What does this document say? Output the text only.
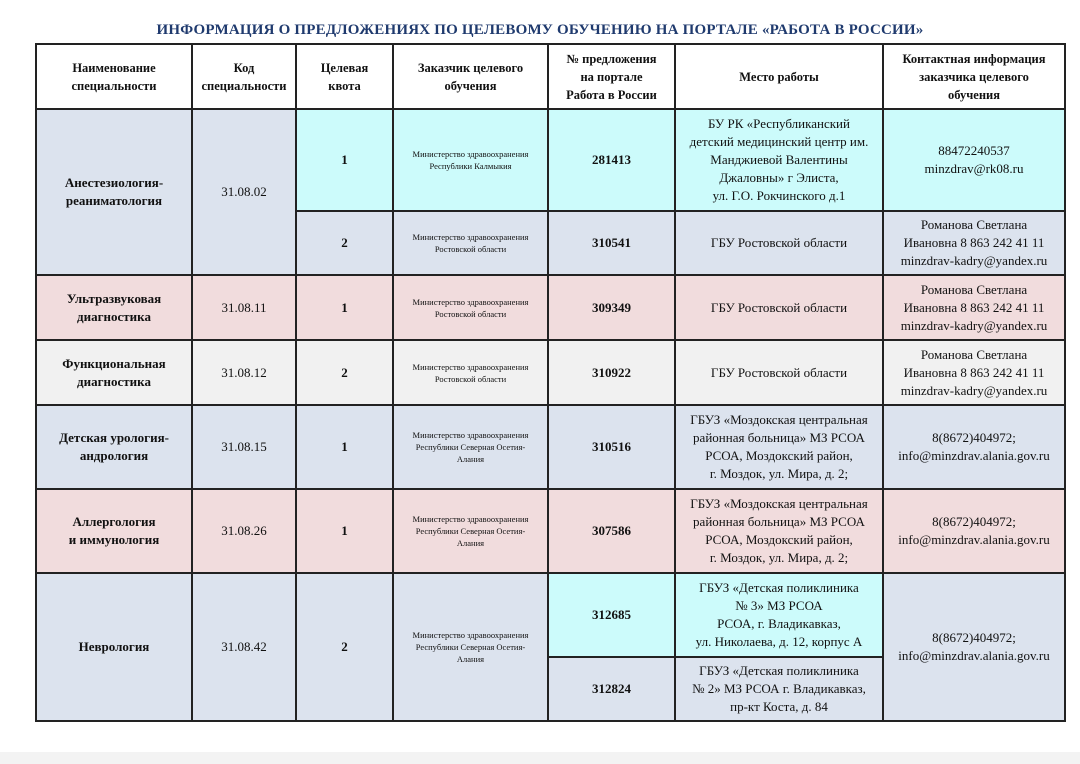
ИНФОРМАЦИЯ О ПРЕДЛОЖЕНИЯХ ПО ЦЕЛЕВОМУ ОБУЧЕНИЮ НА ПОРТАЛЕ «РАБОТА В РОССИИ»
Наименование
специальности	Код
специальности	Целевая
квота	Заказчик целевого
обучения	№ предложения
на портале
Работа в России	Место работы	Контактная информация
заказчика целевого
обучения
Анестезиология-
реаниматология	31.08.02	1	Министерство здравоохранения
Республики Калмыкия	281413	БУ РК «Республиканский
детский медицинский центр им.
Манджиевой Валентины
Джаловны» г Элиста,
ул. Г.О. Рокчинского д.1	88472240537
minzdrav@rk08.ru
		2	Министерство здравоохранения
Ростовской области	310541	ГБУ Ростовской области	Романова Светлана
Ивановна 8 863 242 41 11
minzdrav-kadry@yandex.ru
Ультразвуковая
диагностика	31.08.11	1	Министерство здравоохранения
Ростовской области	309349	ГБУ Ростовской области	Романова Светлана
Ивановна 8 863 242 41 11
minzdrav-kadry@yandex.ru
Функциональная
диагностика	31.08.12	2	Министерство здравоохранения
Ростовской области	310922	ГБУ Ростовской области	Романова Светлана
Ивановна 8 863 242 41 11
minzdrav-kadry@yandex.ru
Детская урология-
андрология	31.08.15	1	Министерство здравоохранения
Республики Северная Осетия-
Алания	310516	ГБУЗ «Моздокская центральная
районная больница» МЗ РСОА
РСОА, Моздокский район,
г. Моздок, ул. Мира, д. 2;	8(8672)404972;
info@minzdrav.alania.gov.ru
Аллергология
и иммунология	31.08.26	1	Министерство здравоохранения
Республики Северная Осетия-
Алания	307586	ГБУЗ «Моздокская центральная
районная больница» МЗ РСОА
РСОА, Моздокский район,
г. Моздок, ул. Мира, д. 2;	8(8672)404972;
info@minzdrav.alania.gov.ru
Неврология	31.08.42	2	Министерство здравоохранения
Республики Северная Осетия-
Алания	312685	ГБУЗ «Детская поликлиника
№ 3» МЗ РСОА
РСОА, г. Владикавказ,
ул. Николаева, д. 12, корпус А	8(8672)404972;
info@minzdrav.alania.gov.ru
				312824	ГБУЗ «Детская поликлиника
№ 2» МЗ РСОА г. Владикавказ,
пр-кт Коста, д. 84	
